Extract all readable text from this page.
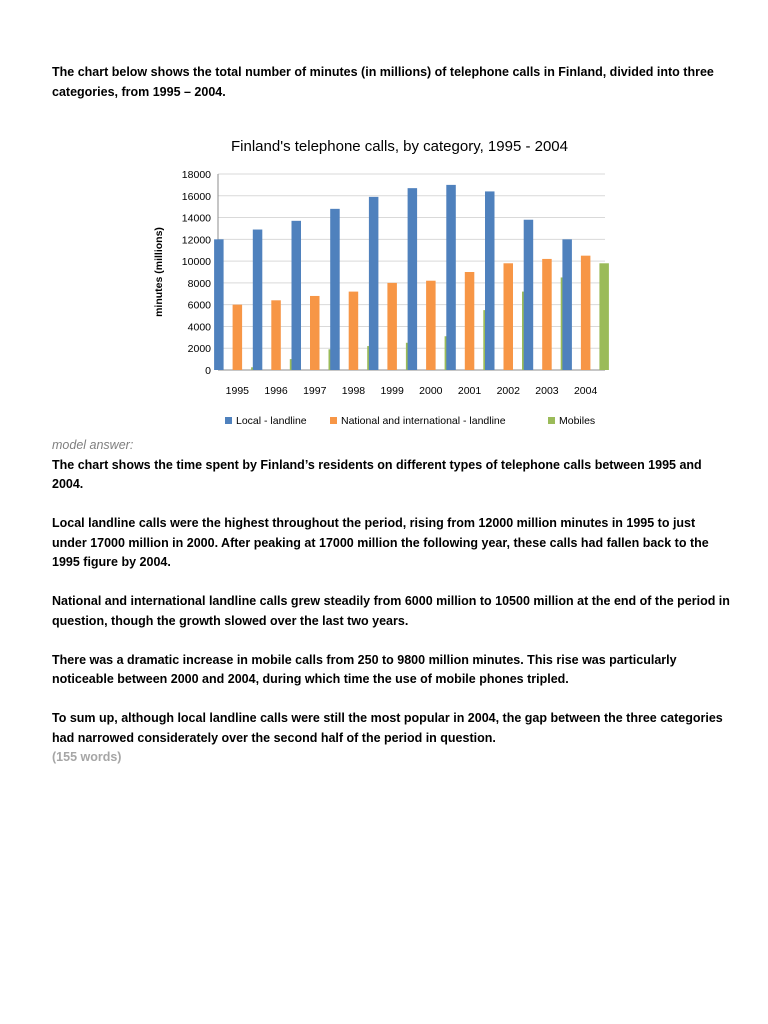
The chart below shows the total number of minutes (in millions) of telephone calls in Finland, divided into three categories, from 1995 – 2004.
Finland's telephone calls, by category, 1995 - 2004
0
2000
4000
6000
8000
10000
12000
14000
16000
18000
minutes (millions)
1995 1996 1997 1998 1999 2000 2001 2002 2003 2004
Local - landline	National and international - landline	Mobiles
model answer:

The chart shows the time spent by Finland’s residents on different types of telephone calls between 1995 and 2004.

Local landline calls were the highest throughout the period, rising from 12000 million minutes in 1995 to just under 17000 million in 2000. After peaking at 17000 million the following year, these calls had fallen back to the 1995 figure by 2004.

National and international landline calls grew steadily from 6000 million to 10500 million at the end of the period in question, though the growth slowed over the last two years.

There was a dramatic increase in mobile calls from 250 to 9800 million minutes. This rise was particularly noticeable between 2000 and 2004, during which time the use of mobile phones tripled.

To sum up, although local landline calls were still the most popular in 2004, the gap between the three categories had narrowed considerately over the second half of the period in question.

(155 words)
